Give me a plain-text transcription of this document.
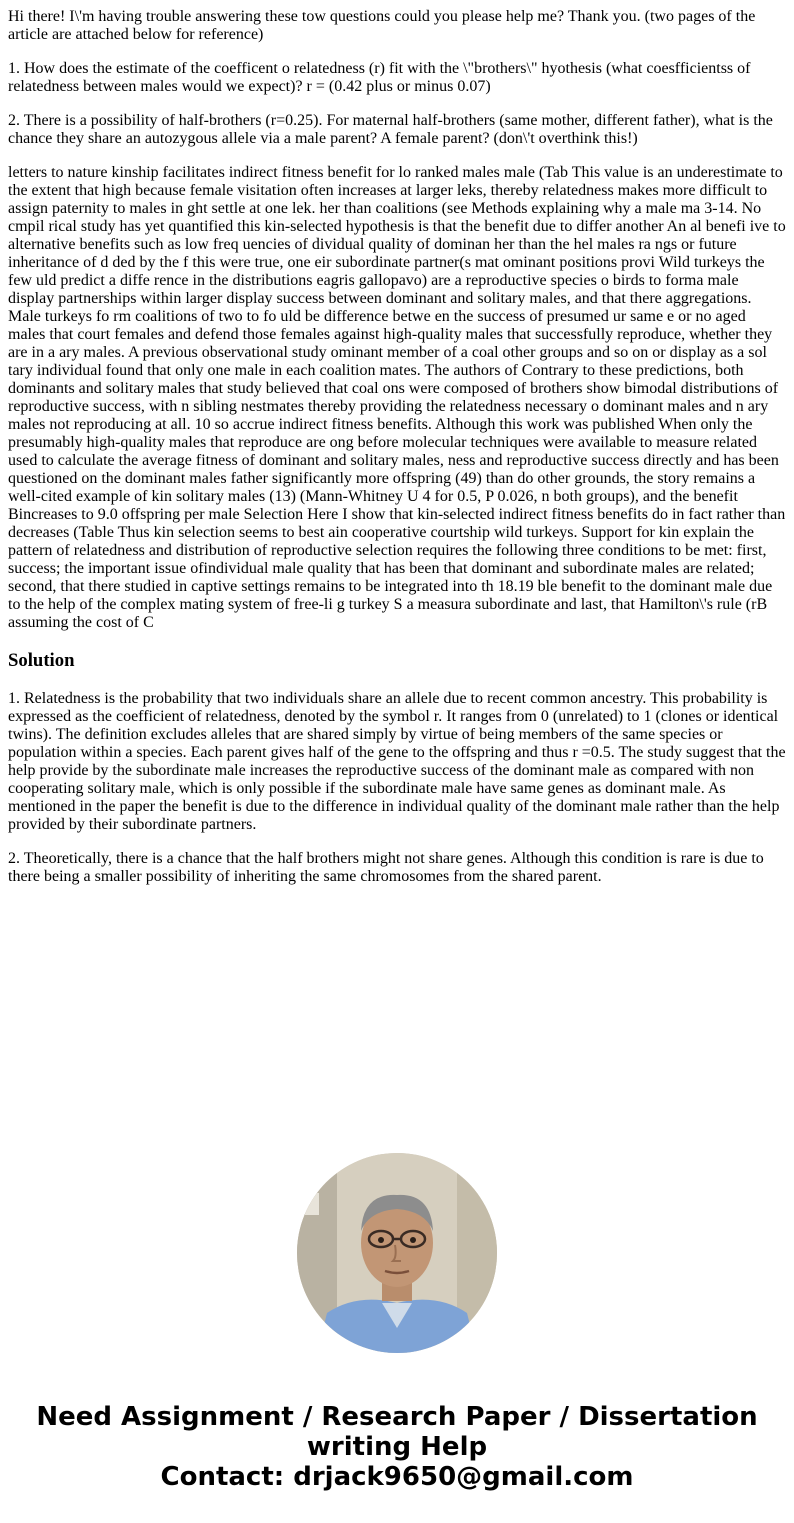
Hi there! I\'m having trouble answering these tow questions could you please help me? Thank you. (two pages of the article are attached below for reference)

1. How does the estimate of the coefficent o relatedness (r) fit with the \"brothers\" hyothesis (what coesfficientss of relatedness between males would we expect)? r = (0.42 plus or minus 0.07)

2. There is a possibility of half-brothers (r=0.25). For maternal half-brothers (same mother, different father), what is the chance they share an autozygous allele via a male parent? A female parent? (don\'t overthink this!)

letters to nature kinship facilitates indirect fitness benefit for lo ranked males male (Tab This value is an underestimate to the extent that high because female visitation often increases at larger leks, thereby relatedness makes more difficult to assign paternity to males in ght settle at one lek. her than coalitions (see Methods explaining why a male ma 3-14. No cmpil rical study has yet quantified this kin-selected hypothesis is that the benefit due to differ another An al benefi ive to alternative benefits such as low freq uencies of dividual quality of dominan her than the hel males ra ngs or future inheritance of d ded by the f this were true, one eir subordinate partner(s mat ominant positions provi Wild turkeys the few uld predict a diffe rence in the distributions eagris gallopavo) are a reproductive species o birds to forma male display partnerships within larger display success between dominant and solitary males, and that there aggregations. Male turkeys fo rm coalitions of two to fo uld be difference betwe en the success of presumed ur same e or no aged males that court females and defend those females against high-quality males that successfully reproduce, whether they are in a ary males. A previous observational study ominant member of a coal other groups and so on or display as a sol tary individual found that only one male in each coalition mates. The authors of Contrary to these predictions, both dominants and solitary males that study believed that coal ons were composed of brothers show bimodal distributions of reproductive success, with n sibling nestmates thereby providing the relatedness necessary o dominant males and n ary males not reproducing at all. 10 so accrue indirect fitness benefits. Although this work was published When only the presumably high-quality males that reproduce are ong before molecular techniques were available to measure related used to calculate the average fitness of dominant and solitary males, ness and reproductive success directly and has been questioned on the dominant males father significantly more offspring (49) than do other grounds, the story remains a well-cited example of kin solitary males (13) (Mann-Whitney U 4 for 0.5, P 0.026, n both groups), and the benefit Bincreases to 9.0 offspring per male Selection Here I show that kin-selected indirect fitness benefits do in fact rather than decreases (Table Thus kin selection seems to best ain cooperative courtship wild turkeys. Support for kin explain the pattern of relatedness and distribution of reproductive selection requires the following three conditions to be met: first, success; the important issue ofindividual male quality that has been that dominant and subordinate males are related; second, that there studied in captive settings remains to be integrated into th 18.19 ble benefit to the dominant male due to the help of the complex mating system of free-li g turkey S a measura subordinate and last, that Hamilton\'s rule (rB assuming the cost of C

Solution

1. Relatedness is the probability that two individuals share an allele due to recent common ancestry. This probability is expressed as the coefficient of relatedness, denoted by the symbol r. It ranges from 0 (unrelated) to 1 (clones or identical twins). The definition excludes alleles that are shared simply by virtue of being members of the same species or population within a species. Each parent gives half of the gene to the offspring and thus r =0.5. The study suggest that the help provide by the subordinate male increases the reproductive success of the dominant male as compared with non cooperating solitary male, which is only possible if the subordinate male have same genes as dominant male. As mentioned in the paper the benefit is due to the difference in individual quality of the dominant male rather than the help provided by their subordinate partners.

2. Theoretically, there is a chance that the half brothers might not share genes. Although this condition is rare is due to there being a smaller possibility of inheriting the same chromosomes from the shared parent.

Need Assignment / Research Paper / Dissertation
writing Help
Contact: drjack9650@gmail.com
